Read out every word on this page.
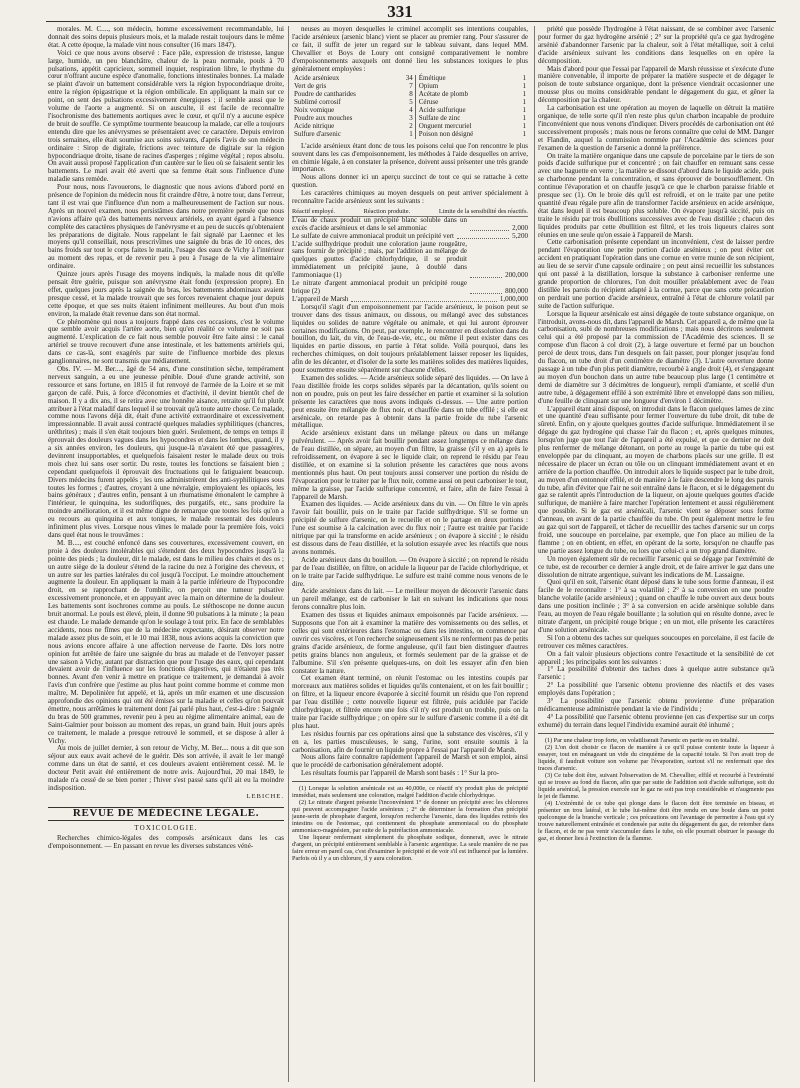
331

morales. M. C...., son médecin, homme excessivement recommandable, lui donnait des soins depuis plusieurs mois, et la malade restait toujours dans le même état. A cette époque, la malade vint nous consulter (16 mars 1847).

Voici ce que nous avons observé : Face pâle, expression de tristesse, langue large, humide, un peu blanchâtre, chaleur de la peau normale, pouls à 70 pulsations, appétit capricieux, sommeil inquiet, respiration libre, le rhythme du cœur n'offrant aucune espèce d'anomalie, fonctions intestinales bonnes. La malade se plaint d'avoir un battement considérable vers la région hypocondriaque droite, entre la région épigastrique et la région ombilicale. En appliquant la main sur ce point, on sent des pulsations excessivement énergiques ; il semble aussi que le volume de l'aorte a augmenté. Si on ausculte, il est facile de reconnaître l'isochronisme des battements aortiques avec le cœur, et qu'il n'y a aucune espèce de bruit de souffle. Ce symptôme tourmente beaucoup la malade, car elle a toujours entendu dire que les anévrysmes se présentaient avec ce caractère. Depuis environ trois semaines, elle était soumise aux soins suivants, d'après l'avis de son médecin ordinaire : Sirop de digitale, frictions avec teinture de digitale sur la région hypocondriaque droite, tisane de racines d'asperges ; régime végétal ; repos absolu. On avait aussi proposé l'application d'un cautère sur le lieu où se faisaient sentir les battements. Le mari avait été averti que sa femme était sous l'influence d'une maladie sans remède.

Pour nous, nous l'avouerons, le diagnostic que nous avions d'abord porté en présence de l'opinion du médecin nous fit craindre d'être, à notre tour, dans l'erreur, tant il est vrai que l'influence d'un nom a malheureusement de l'action sur nous. Après un nouvel examen, nous persistâmes dans notre première pensée que nous n'avions affaire qu'à des battements nerveux artériels, en ayant égard à l'absence complète des caractères physiques de l'anévrysme et au peu de succès qu'obtenaient les préparations de digitale. Nous rappelant le fait signalé par Laennec et les moyens qu'il conseillait, nous prescrivîmes une saignée du bras de 10 onces, des bains froids sur tout le corps faites le matin, l'usage des eaux de Vichy à l'intérieur au moment des repas, et de revenir peu à peu à l'usage de la vie alimentaire ordinaire.

Quinze jours après l'usage des moyens indiqués, la malade nous dit qu'elle pensait être guérie, puisque son anévrysme était fondu (expression propre). En effet, quelques jours après la saignée du bras, les battements abdominaux avaient presque cessé, et la malade trouvait que ses forces revenaient chaque jour depuis cette époque, et que ses nuits étaient infiniment meilleures. Au bout d'un mois environ, la malade était revenue dans son état normal.

Ce phénomène qui nous a toujours frappé dans ces occasions, c'est le volume que semble avoir acquis l'artère aorte, bien qu'en réalité ce volume ne soit pas augmenté. L'explication de ce fait nous semble pouvoir être faite ainsi : le canal artériel se trouve recouvert d'une anse intestinale, et les battements artériels qui, dans ce cas-là, sont exagérés par suite de l'influence morbide des plexus ganglionnaires, ne sont transmis que médiatement.

Obs. IV. — M. Ber...., âgé de 54 ans, d'une constitution sèche, tempérament nerveux sanguin, a eu une jeunesse pénible. Doué d'une grande activité, son ressource et sans fortune, en 1815 il fut renvoyé de l'armée de la Loire et se mit garçon de café. Puis, à force d'économies et d'activité, il devint bientôt chef de maison. Il y a dix ans, il se retira avec une honnête aisance, retraite qu'il fut plutôt attribuer à l'état maladif dans lequel il se trouvait qu'à toute autre chose. Ce malade, comme nous l'avons déjà dit, était d'une activité extraordinaire et excessivement impressionnable. Il avait aussi contracté quelques maladies syphilitiques (chancres, uréthrites) ; mais il s'en était toujours bien guéri. Seulement, de temps en temps il éprouvait des douleurs vagues dans les hypocondres et dans les lombes, quand, il y a six années environ, les douleurs, qui jusque-là n'avaient été que passagères, devinrent insupportables, et quelquefois faisaient rester le malade deux ou trois mois chez lui sans oser sortir. Du reste, toutes les fonctions se faisaient bien ; cependant quelquefois il éprouvait des fructuations qui le fatiguaient beaucoup. Divers médecins furent appelés ; les uns administrèrent des anti-syphilitiques sous toutes les formes ; d'autres, croyant à une névralgie, employaient les opiacés, les bains généraux ; d'autres enfin, pensant à un rhumatisme émonalent le camphre à l'intérieur, le quinquina, les sudorifiques, des purgatifs, etc., sans produire la moindre amélioration, et il est même digne de remarque que toutes les fois qu'on a eu recours au quinquina et aux toniques, le malade ressentait des douleurs infiniment plus vives. Lorsque nous vîmes le malade pour la première fois, voici dans quel état nous le trouvâmes :

M. B...., est couché enfoncé dans ses couvertures, excessivement couvert, en proie à des douleurs intolérables qui s'étendent des deux hypocondres jusqu'à la pointe des pieds ; la douleur, dit le malade, est dans le milieu des chairs et des os ; un autre siège de la douleur s'étend de la racine du nez à l'origine des cheveux, et un autre sur les parties latérales du col jusqu'à l'occiput. Le moindre attouchement augmente la douleur. En appliquant la main à la partie inférieure de l'hypocondre droit, en se rapprochant de l'ombilic, on perçoit une tumeur pulsative excessivement prononcée, et en appuyant avec la main on détermine de la douleur. Les battements sont isochrones comme au pouls. Le stéthoscope ne donne aucun bruit anormal. Le pouls est élevé, plein, il donne 90 pulsations à la minute ; la peau est chaude. Le malade demande qu'on le soulage à tout prix. En face de semblables accidents, nous ne fîmes que de la médecine expectante, désirant observer notre malade assez plus de soin, et le 10 mai 1838, nous avions acquis la conviction que nous avions encore affaire à une affection nerveuse de l'aorte. Dès lors notre opinion fut arrêtée de faire une saignée du bras au malade et de l'envoyer passer une saison à Vichy, autant par distraction que pour l'usage des eaux, qui cependant devaient avoir de l'influence sur les fonctions digestives, qui n'étaient pas très bonnes. Avant d'en venir à mettre en pratique ce traitement, je demandai à avoir l'avis d'un confrère que j'estime au plus haut point comme homme et comme mon maître, M. Depolinière fut appelé, et là, après un mûr examen et une discussion approfondie des opinions qui ont été émises sur la maladie et celles qu'on pouvait émettre, nous arrêtâmes le traitement dont j'ai parlé plus haut, c'est-à-dire : Saignée du bras de 500 grammes, revenir peu à peu au régime alimentaire animal, eau de Saint-Galmier pour boisson au moment des repas, un grand bain. Huit jours après ce traitement, le malade a presque retrouvé le sommeil, et se dispose à aller à Vichy.

Au mois de juillet dernier, à son retour de Vichy, M. Ber.... nous a dit que son séjour aux eaux avait achevé de le guérir. Dès son arrivée, il avait le 1er mangé comme dans un état de santé, et ces douleurs avaient entièrement cessé. M. le docteur Petit avait été entièrement de notre avis. Aujourd'hui, 20 mai 1849, le malade n'a cessé de se bien porter ; l'hiver s'est passé sans qu'il ait eu la moindre indisposition.

LEBICHE.

REVUE DE MÉDECINE LÉGALE.
TOXICOLOGIE.

Recherches chimico-légales des composés arsénicaux dans les cas d'empoisonnement. — En passant en revue les diverses substances véné-

neuses au moyen desquelles le criminel accomplit ses intentions coupables, l'acide arsénieux (arsenic blanc) vient se placer au premier rang. Pour s'assurer de ce fait, il suffit de jeter un regard sur le tableau suivant, dans lequel MM. Chevallier et Boys de Loury ont consigné comparativement le nombre d'empoisonnements auxquels ont donné lieu les substances toxiques le plus généralement employées :

Acide arsénieux	34		Émétique	1
Vert de gris	7		Opium	1
Poudre de cantharides	8		Acétate de plomb	1
Sublimé corrosif	5		Céruse	1
Noix vomique	4		Acide sulfurique	1
Poudre aux mouches	3		Sulfate de zinc	1
Acide nitrique	2		Onguent mercuriel	1
Sulfure d'arsenic	1		Poison non désigné	1

L'acide arsénieux étant donc de tous les poisons celui que l'on rencontre le plus souvent dans les cas d'empoisonnement, les méthodes à l'aide desquelles on arrive, en chimie légale, à en constater la présence, doivent aussi présenter une très grande importance.

Nous allons donner ici un aperçu succinct de tout ce qui se rattache à cette question.

Les caractères chimiques au moyen desquels on peut arriver spécialement à reconnaître l'acide arsénieux sont les suivants :

Réactif employé.	Réaction produite.	Limite de la sensibilité des réactifs.
L'eau de chaux produit un précipité blanc soluble dans un excès d'acide arsénieux et dans le sel ammoniac	2,000
Le sulfate de cuivre ammoniacal produit un précipité vert	5,200
L'acide sulfhydrique produit une coloration jaune rougeâtre, sans fournir de précipité ; mais, par l'addition au mélange de quelques gouttes d'acide chlorhydrique, il se produit immédiatement un précipité jaune, à doublé dans l'ammoniaque (1)	200,000
Le nitrate d'argent ammoniacal produit un précipité rouge brique (2)	800,000
L'appareil de Marsh	1,000,000

Lorsqu'il s'agit d'un empoisonnement par l'acide arsénieux, le poison peut se trouver dans des tissus animaux, ou dissous, ou mélangé avec des substances liquides ou solides de nature végétale ou animale, et qui lui auront éprouver certaines modifications. On peut, par exemple, le rencontrer en dissolution dans du bouillon, du lait, du vin, de l'eau-de-vie, etc., ou même il peut exister dans ces liquides en partie dissous, en partie à l'état solide. Voilà pourquoi, dans les recherches chimiques, on doit toujours préalablement laisser reposer les liquides, afin de les décanter, et d'isoler de la sorte les matières solides des matières liquides, pour soumettre ensuite séparément sur chacune d'elles.

Examen des solides. — Acide arsénieux solide séparé des liquides. — On lave à l'eau distillée froide les corps solides séparés par la décantation, qu'ils soient ou non en poudre, puis on peut les faire dessécher en partie et examiner si la solution présente les caractères que nous avons indiqués ci-dessus. — Une autre portion peut ensuite être mélangée de flux noir, et chauffée dans un tube effilé ; si elle est arsénicale, on retarde pas à obtenir dans la partie froide du tube l'arsenic métallique.

Acide arsénieux existant dans un mélange pâteux ou dans un mélange pulvérulent. — Après avoir fait bouillir pendant assez longtemps ce mélange dans de l'eau distillée, on sépare, au moyen d'un filtre, la graisse (s'il y en a) après le refroidissement, on évapore à sec le liquide clair, on reprend le résidu par l'eau distillée, et on examine si la solution présente les caractères que nous avons mentionnés plus haut. On peut toujours aussi conserver une portion du résidu de l'évaporation pour le traiter par le flux noir, comme aussi on peut carboniser le tout, même la graisse, par l'acide sulfurique concentré, et faire, afin de faire l'essai à l'appareil de Marsh.

Examen des liquides. — Acide arsénieux dans du vin. — On filtre le vin après l'avoir fait bouillir, puis on le traite par l'acide sulfhydrique. S'il se forme un précipité de sulfure d'arsenic, on le recueille et on le partage en deux portions : l'une est soumise à la calcination avec du flux noir ; l'autre est traitée par l'acide nitrique par qui la transforme en acide arsénieux ; on évapore à siccité ; le résidu est dissous dans de l'eau distillée, et la solution essayée avec les réactifs que nous avons nommés.

Acide arsénieux dans du bouillon. — On évapore à siccité ; on reprend le résidu par de l'eau distillée, on filtre, on acidule la liqueur par de l'acide chlorhydrique, et on le traite par l'acide sulfhydrique. Le sulfure est traité comme nous venons de le dire.

Acide arsénieux dans du lait. — Le meilleur moyen de découvrir l'arsenic dans un pareil mélange, est de carboniser le lait en suivant les indications que nous ferons connaître plus loin.

Examen des tissus et liquides animaux empoisonnés par l'acide arsénieux. — Supposons que l'on ait à examiner la matière des vomissements ou des selles, et celles qui sont extérieures dans l'estomac ou dans les intestins, on commence par ouvrir ces viscères, et l'on recherche soigneusement s'ils ne renferment pas de petits grains d'acide arsénieux, de forme anguleuse, qu'il faut bien distinguer d'autres petits grains blancs non anguleux, et formés seulement par de la graisse et de l'albumine. S'il s'en présente quelques-uns, on doit les essayer afin d'en bien constater la nature.

Cet examen étant terminé, on réunit l'estomac ou les intestins coupés par morceaux aux matières solides et liquides qu'ils contenaient, et on les fait bouillir ; on filtre, et la liqueur encore évaporée à siccité fournit un résidu que l'on reprend par l'eau distillée ; cette nouvelle liqueur est filtrée, puis acidulée par l'acide chlorhydrique, et filtrée encore une fois s'il n'y est produit un trouble, puis on la traite par l'acide sulfhydrique ; on opère sur le sulfure d'arsenic comme il a été dit plus haut.

Les résidus fournis par ces opérations ainsi que la substance des viscères, s'il y en a, les parties musculeuses, le sang, l'urine, sont ensuite soumis à la carbonisation, afin de fournir un liquide propre à l'essai par l'appareil de Marsh.

Nous allons faire connaître rapidement l'appareil de Marsh et son emploi, ainsi que le procédé de carbonisation généralement adopté.

Les résultats fournis par l'appareil de Marsh sont basés : 1° Sur la pro-

(1) Lorsque la solution arsénicale est au 40,000e, ce réactif n'y produit plus de précipité immédiat, mais seulement une coloration, malgré l'addition d'acide chlorhydrique.

(2) Le nitrate d'argent présente l'inconvénient 1° de donner un précipité avec les chlorures qui peuvent accompagner l'acide arsénieux ; 2° de déterminer la formation d'un précipité jaune-serin de phosphate d'argent, lorsqu'on recherche l'arsenic, dans des liquides retirés des intestins ou de l'estomac, qui contiennent du phosphate ammoniacal ou du phosphate ammoniaco-magnésien, par suite de la putréfaction ammoniacale.

Une liqueur renfermant simplement du phosphate sodique, donnerait, avec le nitrate d'argent, un précipité entièrement semblable à l'arsenic argentique. La seule manière de ne pas faire erreur en pareil cas, c'est d'examiner le précipité et de voir s'il est influencé par la lumière. Parfois où il y a un chlorure, il y aura coloration.

priété que possède l'hydrogène à l'état naissant, de se combiner avec l'arsenic pour former du gaz hydrogène arsénié ; 2° sur la propriété qu'a ce gaz hydrogène arsénié d'abandonner l'arsenic par la chaleur, soit à l'état métallique, soit à celui d'acide arsénieux suivant les conditions dans lesquelles on en opère la décomposition.

Mais d'abord pour que l'essai par l'appareil de Marsh réussisse et s'exécute d'une manière convenable, il importe de préparer la matière suspecte et de dégager le poison de toute substance organique, dont la présence viendrait occasionner une mousse plus ou moins considérable pendant le dégagement du gaz, et gêner la décomposition par la chaleur.

La carbonisation est une opération au moyen de laquelle on détruit la matière organique, de telle sorte qu'il n'en reste plus qu'un charbon incapable de produire l'inconvénient que nous venons d'indiquer. Divers procédés de carbonisation ont été successivement proposés ; mais nous ne ferons connaître que celui de MM. Danger et Flandin, auquel la commission nommée par l'Académie des sciences pour l'examen de la question de l'arsenic a donné la préférence.

On traite la matière organique dans une capsule de porcelaine par le tiers de son poids d'acide sulfurique pur et concentré ; on fait chauffer en remuant sans cesse avec une baguette en verre ; la matière se dissout d'abord dans le liquide acide, puis se charbonne pendant la concentration, et sans éprouver de boursoufflement. On continue l'évaporation et on chauffe jusqu'à ce que le charbon paraisse friable et presque sec (1). On le broie dès qu'il est refroidi, et on le traite par une petite quantité d'eau régale pure afin de transformer l'acide arsénieux en acide arsénique, état dans lequel il est beaucoup plus soluble. On évapore jusqu'à siccité, puis on traite le résidu par trois ébullitions successives avec de l'eau distillée ; chacun des liquides produits par cette ébullition est filtré, et les trois liqueurs claires sont réunies en une seule qu'on essaie à l'appareil de Marsh.

Cette carbonisation présente cependant un inconvénient, c'est de laisser perdre pendant l'évaporation une petite portion d'acide arsénieux ; on peut éviter cet accident en pratiquant l'opération dans une cornue en verre munie de son récipient, au lieu de se servir d'une capsule ordinaire ; on peut ainsi recueillir les substances qui ont passé à la distillation, lorsque la substance à carboniser renferme une grande proportion de chlorures, l'on doit mouiller préalablement avec de l'eau distillée les parois du récipient adapté à la cornue, parce que sans cette précaution on perdrait une portion d'acide arsénieux, entraîné à l'état de chlorure volatil par suite de l'action sulfurique.

Lorsque la liqueur arsénicale est ainsi dégagée de toute substance organique, on l'introduit, avons-nous dit, dans l'appareil de Marsh. Cet appareil a, de même que la carbonisation, subi de nombreuses modifications ; mais nous décrirons seulement celui qui a été proposé par la commission de l'Académie des sciences. Il se compose d'un flacon à col droit (2), à large ouverture et fermé par un bouchon percé de deux trous, dans l'un desquels on fait passer, pour plonger jusqu'au fond du flacon, un tube droit d'un centimètre de diamètre (3). L'autre ouverture donne passage à un tube d'un plus petit diamètre, recourbé à angle droit (4), et s'engageant au moyen d'un bouchon dans un autre tube beaucoup plus large (1 centimètre et demi de diamètre sur 3 décimètres de longueur), rempli d'amiante, et scellé d'un autre tube, à dégagement effilé à son extrémité libre et enveloppé dans son milieu, d'une feuille de clinquant sur une longueur d'environ 1 décimètre.

L'appareil étant ainsi disposé, on introduit dans le flacon quelques lames de zinc et une quantité d'eau suffisante pour fermer l'ouverture du tube droit, dit tube de sûreté. Enfin, on y ajoute quelques gouttes d'acide sulfurique. Immédiatement il se dégage du gaz hydrogène qui chasse l'air du flacon ; et, après quelques minutes, lorsqu'on juge que tout l'air de l'appareil a été expulsé, et que ce dernier ne doit plus renfermer de mélange détonant, on porte au rouge la partie du tube qui est enveloppée par du clinquant, au moyen de charbons placés sur une grille. Il est nécessaire de placer un écran ou tôle ou un clinquant immédiatement avant et en arrière de la portion chauffée. On introduit alors le liquide suspect par le tube droit, au moyen d'un entonnoir effilé, et de manière à le faire descendre le long des parois du tube, afin d'éviter que l'air ne soit entraîné dans le flacon, et si le dégagement du gaz se ralentit après l'introduction de la liqueur, on ajoute quelques gouttes d'acide sulfurique, de manière à faire marcher l'opération lentement et aussi régulièrement que possible. Si le gaz est arsénicali, l'arsenic vient se déposer sous forme d'anneau, en avant de la partie chauffée du tube. On peut également mettre le feu au gaz qui sort de l'appareil, et tâcher de recueillir des taches d'arsenic sur un corps froid, une soucoupe en porcelaine, par exemple, que l'on place au milieu de la flamme ; on en obtient, en effet, en opérant de la sorte, lorsqu'on ne chauffe pas une partie assez longue du tube, ou lors que celui-ci a un trop grand diamètre.

Un moyen également sûr de recueillir l'arsenic qui se dégage par l'extrémité de ce tube, est de recourber ce dernier à angle droit, et de faire arriver le gaz dans une dissolution de nitrate argentique, suivant les indications de M. Lassaigne.

Quoi qu'il en soit, l'arsenic étant déposé dans le tube sous forme d'anneau, il est facile de le reconnaître : 1° à sa volatilité ; 2° à sa conversion en une poudre blanche volatile (acide arsénieux) ; quand on chauffe le tube ouvert aux deux bouts dans une position inclinée ; 3° à sa conversion en acide arsénique soluble dans l'eau, au moyen de l'eau régale bouillante ; la solution qui en résulte donne, avec le nitrate d'argent, un précipité rouge brique ; en un mot, elle présente les caractères d'une solution arsénicale.

Si l'on a obtenu des taches sur quelques soucoupes en porcelaine, il est facile de retrouver ces mêmes caractères.

On a fait valoir plusieurs objections contre l'exactitude et la sensibilité de cet appareil ; les principales sont les suivantes :

1° La possibilité d'obtenir des taches dues à quelque autre substance qu'à l'arsenic ;

2° La possibilité que l'arsenic obtenu provienne des réactifs et des vases employés dans l'opération ;

3° La possibilité que l'arsenic obtenu provienne d'une préparation médicamenteuse administrée pendant la vie de l'individu ;

4° La possibilité que l'arsenic obtenu provienne (en cas d'expertise sur un corps exhumé) du terrain dans lequel l'individu examiné aurait été inhumé ;

(1) Par une chaleur trop forte, on volatiliserait l'arsenic en partie ou en totalité.

(2) L'on doit choisir ce flacon de manière à ce qu'il puisse contenir toute la liqueur à essayer, tout en ménageant un vide du cinquième de la capacité totale. Si l'on avait trop de liquide, il faudrait voiture son volume par l'évaporation, surtout s'il ne renfermait que des traces d'arsenic.

(3) Ce tube doit être, suivant l'observation de M. Chevallier, effilé et recourbé à l'extrémité qui se trouve au fond du flacon, afin que par suite de l'addition soit d'acide sulfurique, soit du liquide arsénical, la pression exercée sur le gaz ne soit pas trop considérable et n'augmente pas le jet de flamme.

(4) L'extrémité de ce tube qui plonge dans le flacon doit être terminée en biseau, et présenter un trou latéral, et le tube lui-même doit être rendu en une boule dans un point quelconque de la branche verticale ; ces précautions ont l'avantage de permettre à l'eau qui s'y trouve naturellement entraînée et condensée par suite du dégagement du gaz, de retomber dans le flacon, et de ne pas venir s'accumuler dans le tube, où elle pourrait obstruer le passage du gaz, et donner lieu à l'extinction de la flamme.
